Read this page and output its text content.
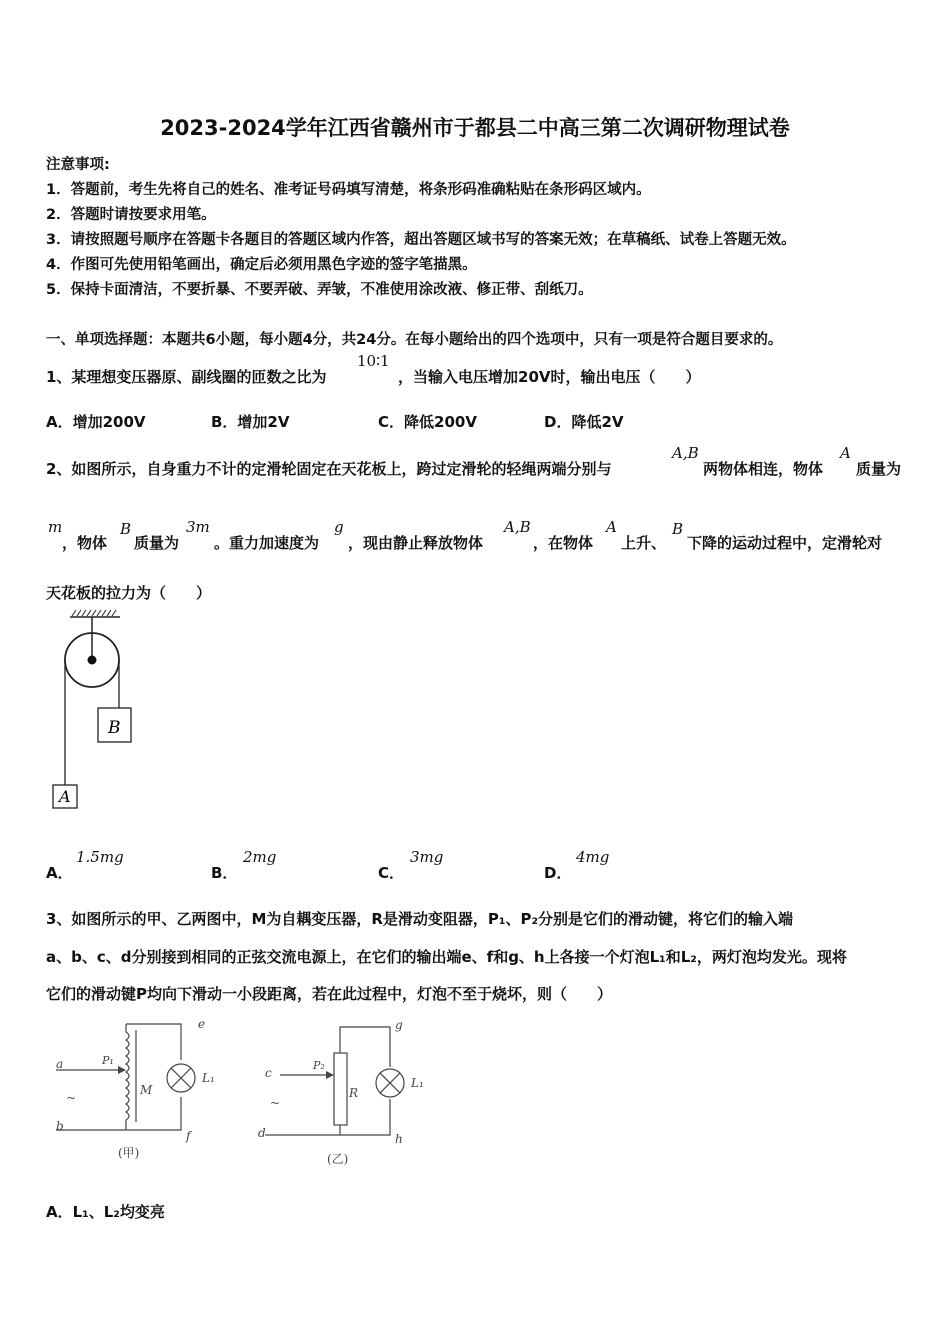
2023-2024学年江西省赣州市于都县二中高三第二次调研物理试卷
注意事项:
1．答题前，考生先将自己的姓名、准考证号码填写清楚，将条形码准确粘贴在条形码区域内。
2．答题时请按要求用笔。
3．请按照题号顺序在答题卡各题目的答题区域内作答，超出答题区域书写的答案无效；在草稿纸、试卷上答题无效。
4．作图可先使用铅笔画出，确定后必须用黑色字迹的签字笔描黑。
5．保持卡面清洁，不要折暴、不要弄破、弄皱，不准使用涂改液、修正带、刮纸刀。
一、单项选择题：本题共6小题，每小题4分，共24分。在每小题给出的四个选项中，只有一项是符合题目要求的。
1、某理想变压器原、副线圈的匝数之比为
10∶1
，当输入电压增加20V时，输出电压（　　）
A．增加200V	B．增加2V	C．降低200V	D．降低2V
2、如图所示，自身重力不计的定滑轮固定在天花板上，跨过定滑轮的轻绳两端分别与
A,B
两物体相连，物体
A
质量为
m
，物体
B
质量为
3m
。重力加速度为
g
，现由静止释放物体
A,B
，在物体
A
上升、
B
下降的运动过程中，定滑轮对
天花板的拉力为（　　）
B
A
A．
1.5mg
B．
2mg
C．
3mg
D．
4mg
3、如图所示的甲、乙两图中，M为自耦变压器，R是滑动变阻器，P₁、P₂分别是它们的滑动键，将它们的输入端
a、b、c、d分别接到相同的正弦交流电源上，在它们的输出端e、f和g、h上各接一个灯泡L₁和L₂，两灯泡均发光。现将
它们的滑动键P均向下滑动一小段距离，若在此过程中，灯泡不至于烧坏，则（　　）
e
a
b
f
P₁
M
L₁
~
(甲)
g
c
d	h
P₂
R
L₁
~
(乙)
A．L₁、L₂均变亮
